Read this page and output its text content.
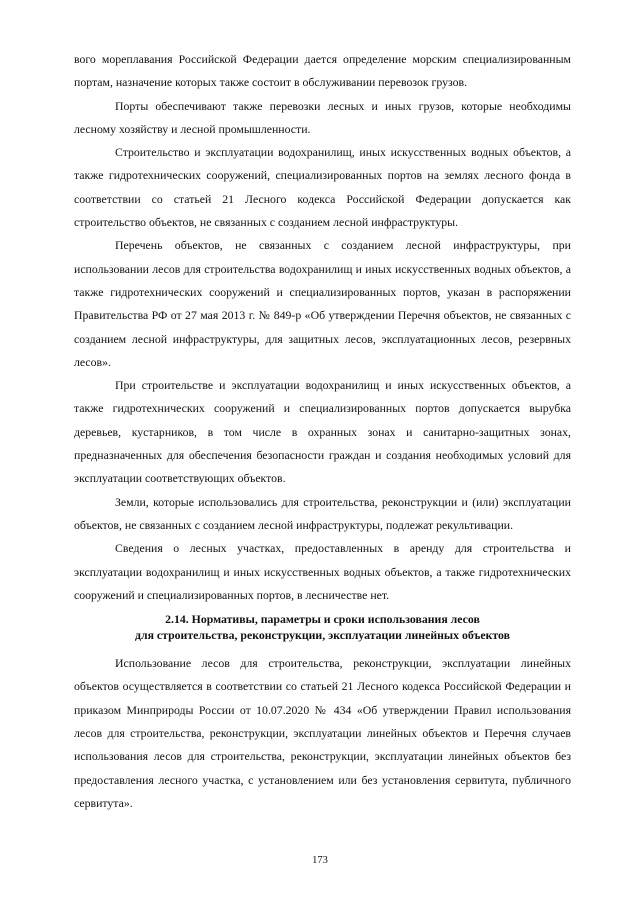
вого мореплавания Российской Федерации дается определение морским специализированным портам, назначение которых также состоит в обслуживании перевозок грузов.

Порты обеспечивают также перевозки лесных и иных грузов, которые необходимы лесному хозяйству и лесной промышленности.

Строительство и эксплуатации водохранилищ, иных искусственных водных объектов, а также гидротехнических сооружений, специализированных портов на землях лесного фонда в соответствии со статьей 21 Лесного кодекса Российской Федерации допускается как строительство объектов, не связанных с созданием лесной инфраструктуры.

Перечень объектов, не связанных с созданием лесной инфраструктуры, при использовании лесов для строительства водохранилищ и иных искусственных водных объектов, а также гидротехнических сооружений и специализированных портов, указан в распоряжении Правительства РФ от 27 мая 2013 г. № 849-р «Об утверждении Перечня объектов, не связанных с созданием лесной инфраструктуры, для защитных лесов, эксплуатационных лесов, резервных лесов».

При строительстве и эксплуатации водохранилищ и иных искусственных объектов, а также гидротехнических сооружений и специализированных портов допускается вырубка деревьев, кустарников, в том числе в охранных зонах и санитарно-защитных зонах, предназначенных для обеспечения безопасности граждан и создания необходимых условий для эксплуатации соответствующих объектов.

Земли, которые использовались для строительства, реконструкции и (или) эксплуатации объектов, не связанных с созданием лесной инфраструктуры, подлежат рекультивации.

Сведения о лесных участках, предоставленных в аренду для строительства и эксплуатации водохранилищ и иных искусственных водных объектов, а также гидротехнических сооружений и специализированных портов, в лесничестве нет.

2.14. Нормативы, параметры и сроки использования лесов
для строительства, реконструкции, эксплуатации линейных объектов

Использование лесов для строительства, реконструкции, эксплуатации линейных объектов осуществляется в соответствии со статьей 21 Лесного кодекса Российской Федерации и приказом Минприроды России от 10.07.2020 № 434 «Об утверждении Правил использования лесов для строительства, реконструкции, эксплуатации линейных объектов и Перечня случаев использования лесов для строительства, реконструкции, эксплуатации линейных объектов без предоставления лесного участка, с установлением или без установления сервитута, публичного сервитута».

173
